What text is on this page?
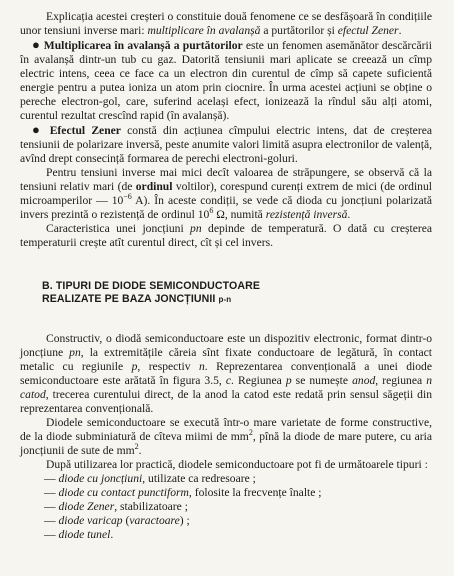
Explicația acestei creșteri o constituie două fenomene ce se desfășoară în condițiile unor tensiuni inverse mari: multiplicare în avalanșă a purtătorilor și efectul Zener.

● Multiplicarea în avalanșă a purtătorilor este un fenomen asemănător descărcării în avalanșă dintr-un tub cu gaz. Datorită tensiunii mari aplicate se creează un cîmp electric intens, ceea ce face ca un electron din curentul de cîmp să capete suficientă energie pentru a putea ioniza un atom prin ciocnire. În urma acestei acțiuni se obține o pereche electron-gol, care, suferind același efect, ionizează la rîndul său alți atomi, curentul rezultat crescînd rapid (în avalanșă).

● Efectul Zener constă din acțiunea cîmpului electric intens, dat de creșterea tensiunii de polarizare inversă, peste anumite valori limită asupra electronilor de valență, avînd drept consecință formarea de perechi electroni-goluri.

Pentru tensiuni inverse mai mici decît valoarea de străpungere, se observă că la tensiuni relativ mari (de ordinul voltilor), corespund curenți extrem de mici (de ordinul microamperilor — $10^{-6}$ A). În aceste condiții, se vede că dioda cu joncțiuni polarizată invers prezintă o rezistență de ordinul $10^6$ Ω, numită rezistență inversă.

Caracteristica unei joncțiuni pn depinde de temperatură. O dată cu creșterea temperaturii crește atît curentul direct, cît și cel invers.

B. TIPURI DE DIODE SEMICONDUCTOARE
REALIZATE PE BAZA JONCȚIUNII p-n

Constructiv, o diodă semiconductoare este un dispozitiv electronic, format dintr-o joncțiune pn, la extremitățile căreia sînt fixate conductoare de legătură, în contact metalic cu regiunile p, respectiv n. Reprezentarea convențională a unei diode semiconductoare este arătată în figura 3.5, c. Regiunea p se numește anod, regiunea n catod, trecerea curentului direct, de la anod la catod este redată prin sensul săgeții din reprezentarea convențională.

Diodele semiconductoare se execută într-o mare varietate de forme constructive, de la diode subminiatură de cîteva miimi de $mm^2$, pînă la diode de mare putere, cu aria joncțiunii de sute de $mm^2$.

După utilizarea lor practică, diodele semiconductoare pot fi de următoarele tipuri :

— diode cu joncțiuni, utilizate ca redresoare ;
— diode cu contact punctiform, folosite la frecvențe înalte ;
— diode Zener, stabilizatoare ;
— diode varicap (varactoare) ;
— diode tunel.
